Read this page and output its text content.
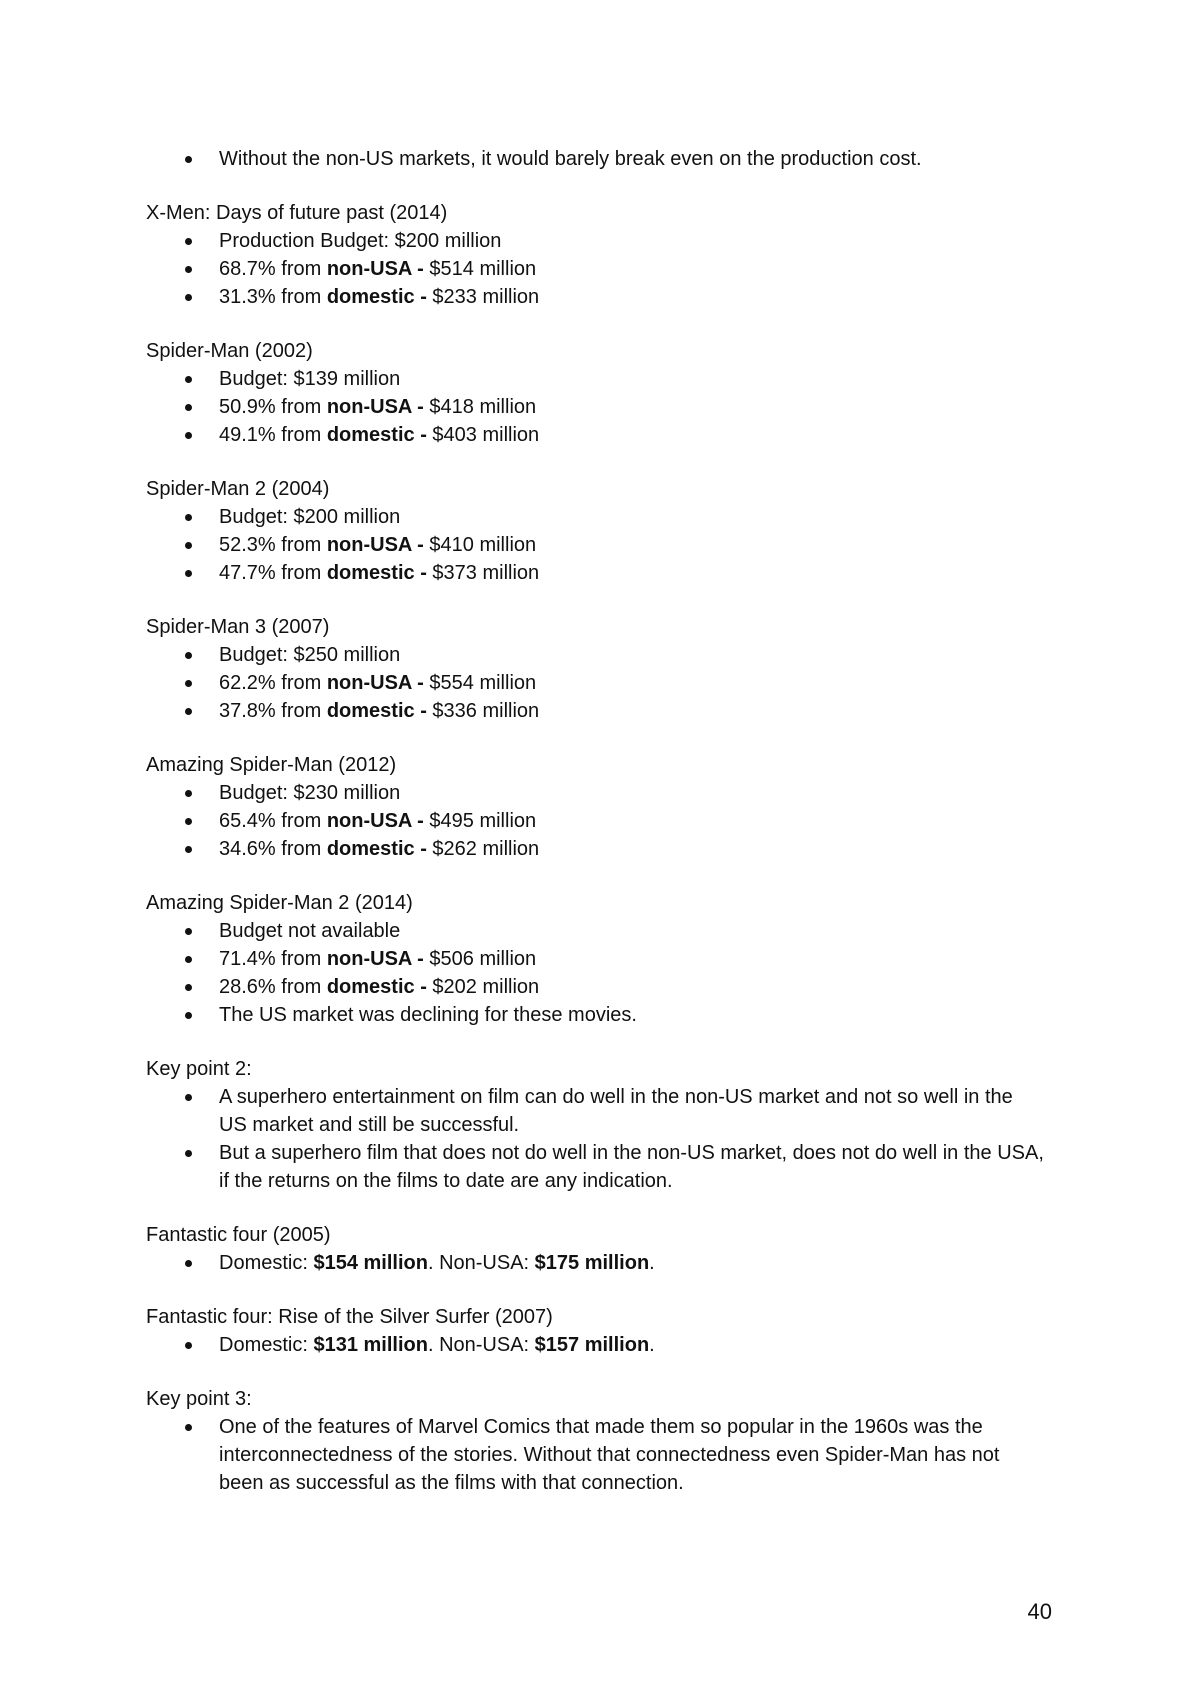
Without the non-US markets, it would barely break even on the production cost.

X-Men: Days of future past (2014)

Production Budget: $200 million
68.7% from non-USA - $514 million
31.3% from domestic - $233 million

Spider-Man (2002)

Budget: $139 million
50.9% from non-USA - $418 million
49.1% from domestic - $403 million

Spider-Man 2 (2004)

Budget: $200 million
52.3% from non-USA - $410 million
47.7% from domestic - $373 million

Spider-Man 3 (2007)

Budget: $250 million
62.2% from non-USA - $554 million
37.8% from domestic - $336 million

Amazing Spider-Man (2012)

Budget: $230 million
65.4% from non-USA - $495 million
34.6% from domestic - $262 million

Amazing Spider-Man 2 (2014)

Budget not available
71.4% from non-USA - $506 million
28.6% from domestic - $202 million
The US market was declining for these movies.

Key point 2:

A superhero entertainment on film can do well in the non-US market and not so well in the US market and still be successful.
But a superhero film that does not do well in the non-US market, does not do well in the USA, if the returns on the films to date are any indication.

Fantastic four (2005)

Domestic: $154 million. Non-USA: $175 million.

Fantastic four: Rise of the Silver Surfer (2007)

Domestic: $131 million. Non-USA: $157 million.

Key point 3:

One of the features of Marvel Comics that made them so popular in the 1960s was the interconnectedness of the stories. Without that connectedness even Spider-Man has not been as successful as the films with that connection.
40
